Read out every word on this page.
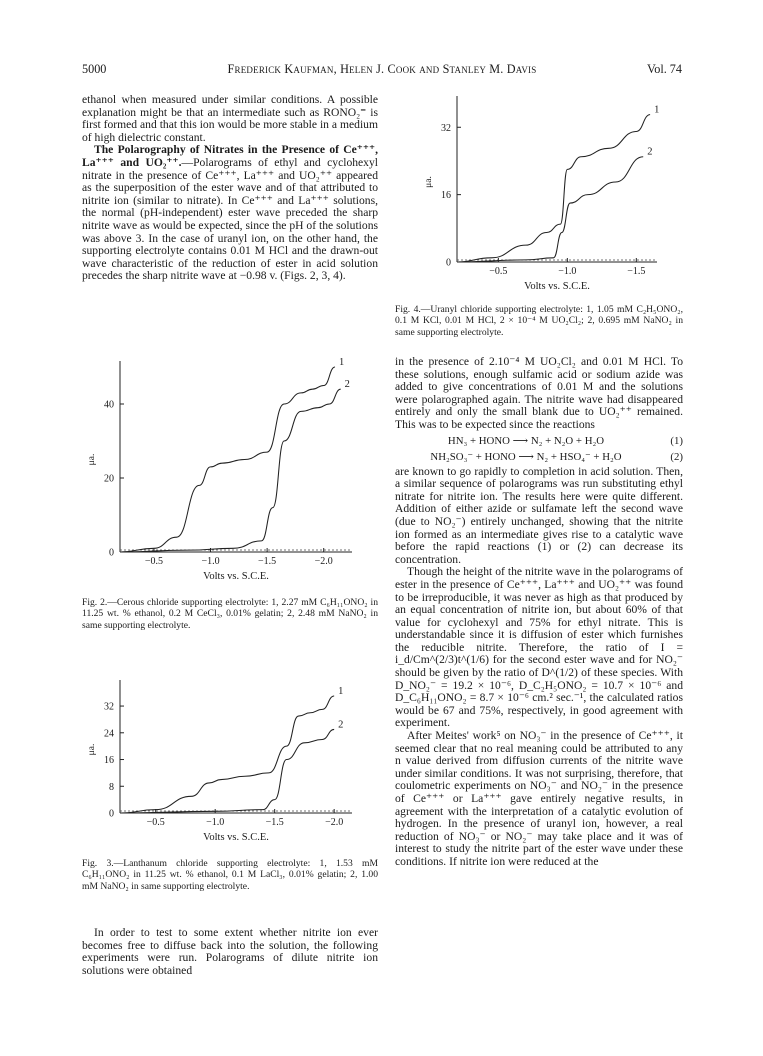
5000	Frederick Kaufman, Helen J. Cook and Stanley M. Davis	Vol. 74

ethanol when measured under similar conditions. A possible explanation might be that an intermediate such as RONO₂⁼ is first formed and that this ion would be more stable in a medium of high dielectric constant.

The Polarography of Nitrates in the Presence of Ce⁺⁺⁺, La⁺⁺⁺ and UO₂⁺⁺.—Polarograms of ethyl and cyclohexyl nitrate in the presence of Ce⁺⁺⁺, La⁺⁺⁺ and UO₂⁺⁺ appeared as the superposition of the ester wave and of that attributed to nitrite ion (similar to nitrate). In Ce⁺⁺⁺ and La⁺⁺⁺ solutions, the normal (pH-independent) ester wave preceded the sharp nitrite wave as would be expected, since the pH of the solutions was above 3. In the case of uranyl ion, on the other hand, the supporting electrolyte contains 0.01 M HCl and the drawn-out wave characteristic of the reduction of ester in acid solution precedes the sharp nitrite wave at −0.98 v. (Figs. 2, 3, 4).

−0.5	−1.0	−1.5	−2.0
0
20
40
μa.
Volts vs. S.C.E.
1
2
Fig. 2.—Cerous chloride supporting electrolyte: 1, 2.27 mM C₆H₁₁ONO₂ in 11.25 wt. % ethanol, 0.2 M CeCl₃, 0.01% gelatin; 2, 2.48 mM NaNO₂ in same supporting electrolyte.
−0.5	−1.0	−1.5	−2.0
0
8
16
24
32
μa.
Volts vs. S.C.E.
1
2
Fig. 3.—Lanthanum chloride supporting electrolyte: 1, 1.53 mM C₆H₁₁ONO₂ in 11.25 wt. % ethanol, 0.1 M LaCl₃, 0.01% gelatin; 2, 1.00 mM NaNO₂ in same supporting electrolyte.

In order to test to some extent whether nitrite ion ever becomes free to diffuse back into the solution, the following experiments were run. Polarograms of dilute nitrite ion solutions were obtained

−0.5	−1.0	−1.5
0
16
32
μa.
Volts vs. S.C.E.
1
2
Fig. 4.—Uranyl chloride supporting electrolyte: 1, 1.05 mM C₂H₅ONO₂, 0.1 M KCl, 0.01 M HCl, 2 × 10⁻⁴ M UO₂Cl₂; 2, 0.695 mM NaNO₂ in same supporting electrolyte.

in the presence of 2.10⁻⁴ M UO₂Cl₂ and 0.01 M HCl. To these solutions, enough sulfamic acid or sodium azide was added to give concentrations of 0.01 M and the solutions were polarographed again. The nitrite wave had disappeared entirely and only the small blank due to UO₂⁺⁺ remained. This was to be expected since the reactions

HN₃ + HONO ⟶ N₂ + N₂O + H₂O	(1)
NH₂SO₃⁻ + HONO ⟶ N₂ + HSO₄⁻ + H₂O	(2)

are known to go rapidly to completion in acid solution. Then, a similar sequence of polarograms was run substituting ethyl nitrate for nitrite ion. The results here were quite different. Addition of either azide or sulfamate left the second wave (due to NO₂⁻) entirely unchanged, showing that the nitrite ion formed as an intermediate gives rise to a catalytic wave before the rapid reactions (1) or (2) can decrease its concentration.

Though the height of the nitrite wave in the polarograms of ester in the presence of Ce⁺⁺⁺, La⁺⁺⁺ and UO₂⁺⁺ was found to be irreproducible, it was never as high as that produced by an equal concentration of nitrite ion, but about 60% of that value for cyclohexyl and 75% for ethyl nitrate. This is understandable since it is diffusion of ester which furnishes the reducible nitrite. Therefore, the ratio of I = i_d/Cm^(2/3)t^(1/6) for the second ester wave and for NO₂⁻ should be given by the ratio of D^(1/2) of these species. With D_NO₂⁻ = 19.2 × 10⁻⁶, D_C₂H₅ONO₂ = 10.7 × 10⁻⁶ and D_C₆H₁₁ONO₂ = 8.7 × 10⁻⁶ cm.² sec.⁻¹, the calculated ratios would be 67 and 75%, respectively, in good agreement with experiment.

After Meites' work⁵ on NO₃⁻ in the presence of Ce⁺⁺⁺, it seemed clear that no real meaning could be attributed to any n value derived from diffusion currents of the nitrite wave under similar conditions. It was not surprising, therefore, that coulometric experiments on NO₃⁻ and NO₂⁻ in the presence of Ce⁺⁺⁺ or La⁺⁺⁺ gave entirely negative results, in agreement with the interpretation of a catalytic evolution of hydrogen. In the presence of uranyl ion, however, a real reduction of NO₃⁻ or NO₂⁻ may take place and it was of interest to study the nitrite part of the ester wave under these conditions. If nitrite ion were reduced at the
